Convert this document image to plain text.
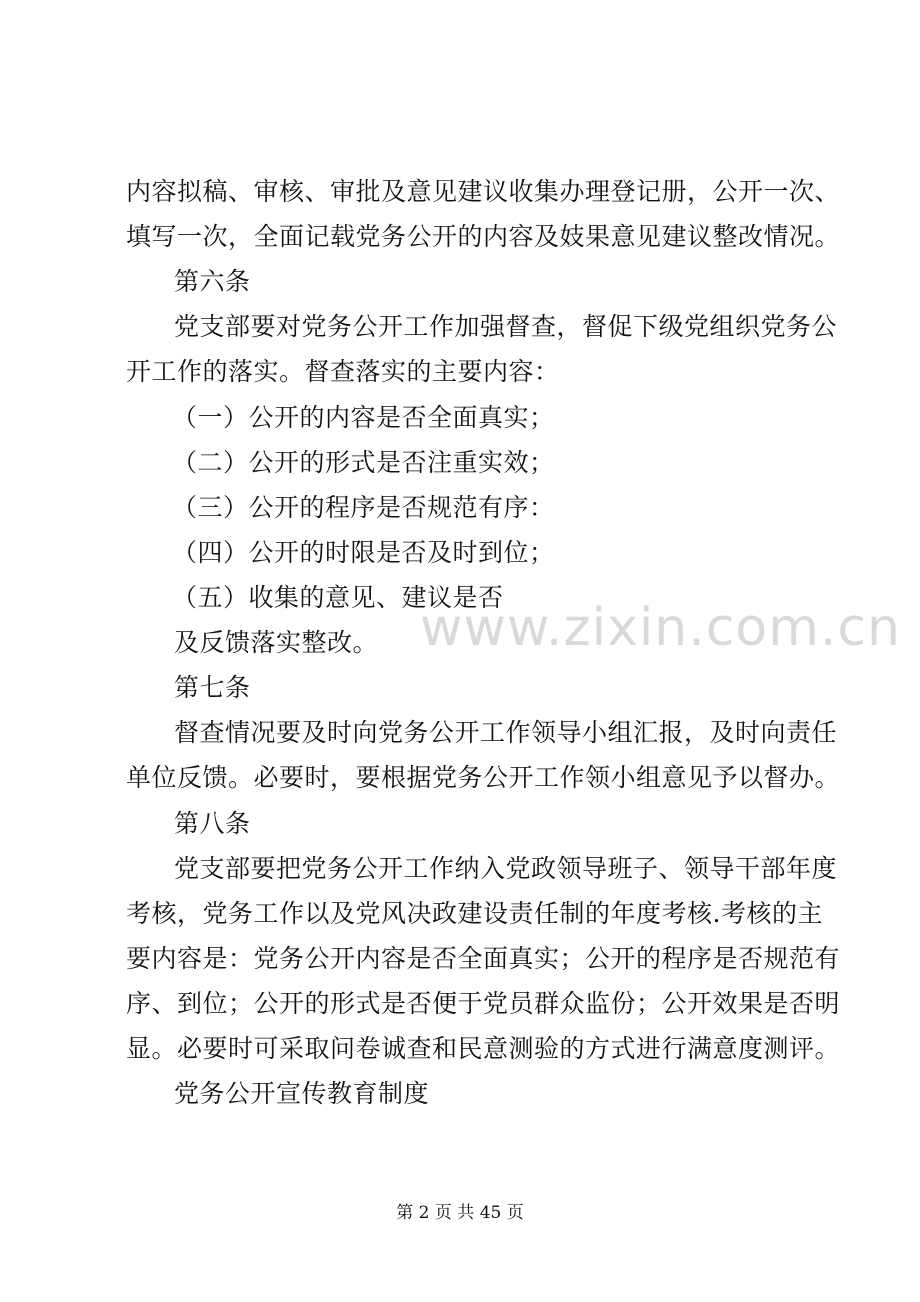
内容拟稿、审核、审批及意见建议收集办理登记册，公开一次、
填写一次，全面记载党务公开的内容及妓果意见建议整改情况。
第六条
党支部要对党务公开工作加强督查，督促下级党组织党务公
开工作的落实。督查落实的主要内容：
（一）公开的内容是否全面真实；
（二）公开的形式是否注重实效；
（三）公开的程序是否规范有序：
（四）公开的时限是否及时到位；
（五）收集的意见、建议是否
及反馈落实整改。
第七条
督查情况要及时向党务公开工作领导小组汇报，及时向责任
单位反馈。必要时，要根据党务公开工作领小组意见予以督办。
第八条
党支部要把党务公开工作纳入党政领导班子、领导干部年度
考核，党务工作以及党风决政建设责任制的年度考核.考核的主
要内容是：党务公开内容是否全面真实；公开的程序是否规范有
序、到位；公开的形式是否便于党员群众监份；公开效果是否明
显。必要时可采取问卷诚查和民意测验的方式进行满意度测评。
党务公开宣传教育制度
www.zixin.com.cn
第 2 页 共 45 页
